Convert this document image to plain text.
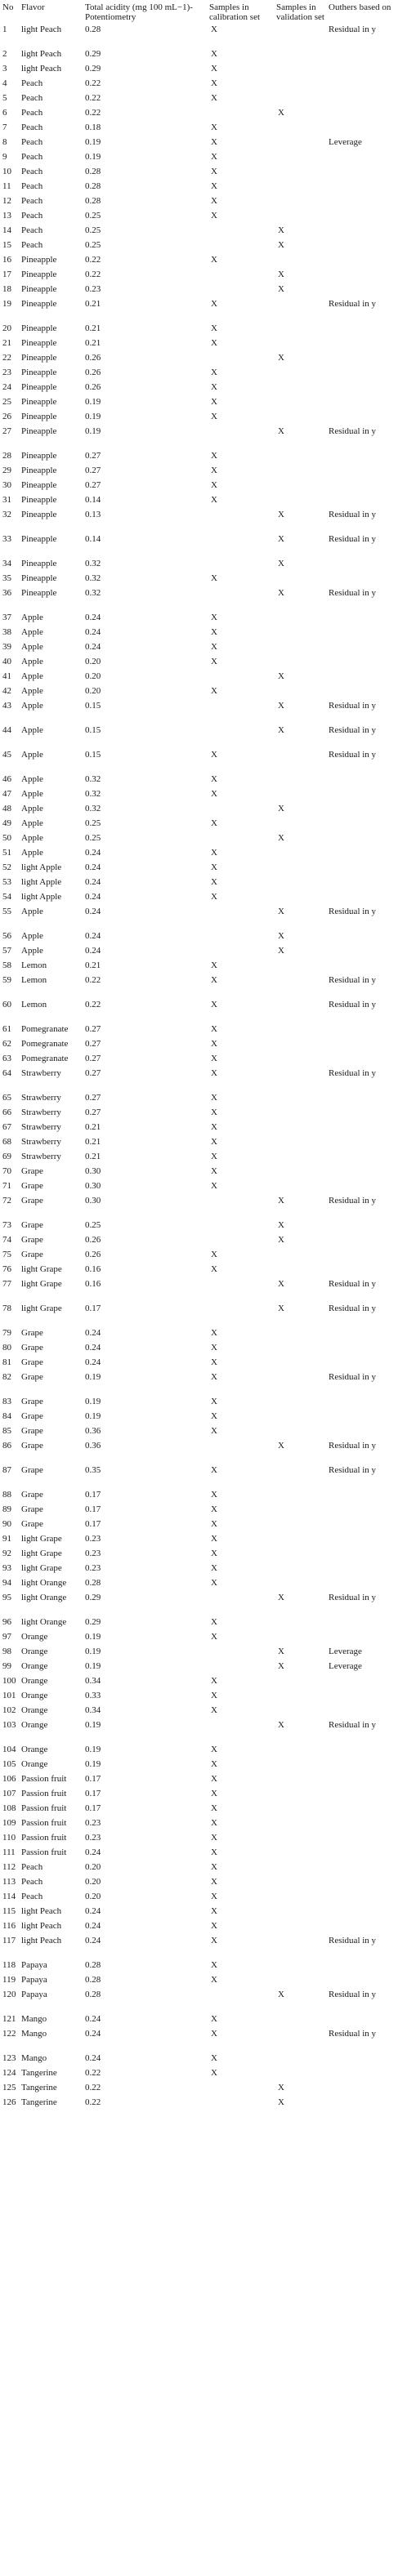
No	Flavor	Total acidity (mg 100 mL−1)-Potentiometry	Samples in calibration set	Samples in validation set	Outhers based on
1	light Peach	0.28	X		Residual in y
2	light Peach	0.29	X		
3	light Peach	0.29	X		
4	Peach	0.22	X		
5	Peach	0.22	X		
6	Peach	0.22		X	
7	Peach	0.18	X		
8	Peach	0.19	X		Leverage
9	Peach	0.19	X		
10	Peach	0.28	X		
11	Peach	0.28	X		
12	Peach	0.28	X		
13	Peach	0.25	X		
14	Peach	0.25		X	
15	Peach	0.25		X	
16	Pineapple	0.22	X		
17	Pineapple	0.22		X	
18	Pineapple	0.23		X	
19	Pineapple	0.21	X		Residual in y
20	Pineapple	0.21	X		
21	Pineapple	0.21	X		
22	Pineapple	0.26		X	
23	Pineapple	0.26	X		
24	Pineapple	0.26	X		
25	Pineapple	0.19	X		
26	Pineapple	0.19	X		
27	Pineapple	0.19		X	Residual in y
28	Pineapple	0.27	X		
29	Pineapple	0.27	X		
30	Pineapple	0.27	X		
31	Pineapple	0.14	X		
32	Pineapple	0.13		X	Residual in y
33	Pineapple	0.14		X	Residual in y
34	Pineapple	0.32		X	
35	Pineapple	0.32	X		
36	Pineapple	0.32		X	Residual in y
37	Apple	0.24	X		
38	Apple	0.24	X		
39	Apple	0.24	X		
40	Apple	0.20	X		
41	Apple	0.20		X	
42	Apple	0.20	X		
43	Apple	0.15		X	Residual in y
44	Apple	0.15		X	Residual in y
45	Apple	0.15	X		Residual in y
46	Apple	0.32	X		
47	Apple	0.32	X		
48	Apple	0.32		X	
49	Apple	0.25	X		
50	Apple	0.25		X	
51	Apple	0.24	X		
52	light Apple	0.24	X		
53	light Apple	0.24	X		
54	light Apple	0.24	X		
55	Apple	0.24		X	Residual in y
56	Apple	0.24		X	
57	Apple	0.24		X	
58	Lemon	0.21	X		
59	Lemon	0.22	X		Residual in y
60	Lemon	0.22	X		Residual in y
61	Pomegranate	0.27	X		
62	Pomegranate	0.27	X		
63	Pomegranate	0.27	X		
64	Strawberry	0.27	X		Residual in y
65	Strawberry	0.27	X		
66	Strawberry	0.27	X		
67	Strawberry	0.21	X		
68	Strawberry	0.21	X		
69	Strawberry	0.21	X		
70	Grape	0.30	X		
71	Grape	0.30	X		
72	Grape	0.30		X	Residual in y
73	Grape	0.25		X	
74	Grape	0.26		X	
75	Grape	0.26	X		
76	light Grape	0.16	X		
77	light Grape	0.16		X	Residual in y
78	light Grape	0.17		X	Residual in y
79	Grape	0.24	X		
80	Grape	0.24	X		
81	Grape	0.24	X		
82	Grape	0.19	X		Residual in y
83	Grape	0.19	X		
84	Grape	0.19	X		
85	Grape	0.36	X		
86	Grape	0.36		X	Residual in y
87	Grape	0.35	X		Residual in y
88	Grape	0.17	X		
89	Grape	0.17	X		
90	Grape	0.17	X		
91	light Grape	0.23	X		
92	light Grape	0.23	X		
93	light Grape	0.23	X		
94	light Orange	0.28	X		
95	light Orange	0.29		X	Residual in y
96	light Orange	0.29	X		
97	Orange	0.19	X		
98	Orange	0.19		X	Leverage
99	Orange	0.19		X	Leverage
100	Orange	0.34	X		
101	Orange	0.33	X		
102	Orange	0.34	X		
103	Orange	0.19		X	Residual in y
104	Orange	0.19	X		
105	Orange	0.19	X		
106	Passion fruit	0.17	X		
107	Passion fruit	0.17	X		
108	Passion fruit	0.17	X		
109	Passion fruit	0.23	X		
110	Passion fruit	0.23	X		
111	Passion fruit	0.24	X		
112	Peach	0.20	X		
113	Peach	0.20	X		
114	Peach	0.20	X		
115	light Peach	0.24	X		
116	light Peach	0.24	X		
117	light Peach	0.24	X		Residual in y
118	Papaya	0.28	X		
119	Papaya	0.28	X		
120	Papaya	0.28		X	Residual in y
121	Mango	0.24	X		
122	Mango	0.24	X		Residual in y
123	Mango	0.24	X		
124	Tangerine	0.22	X		
125	Tangerine	0.22		X	
126	Tangerine	0.22		X	
